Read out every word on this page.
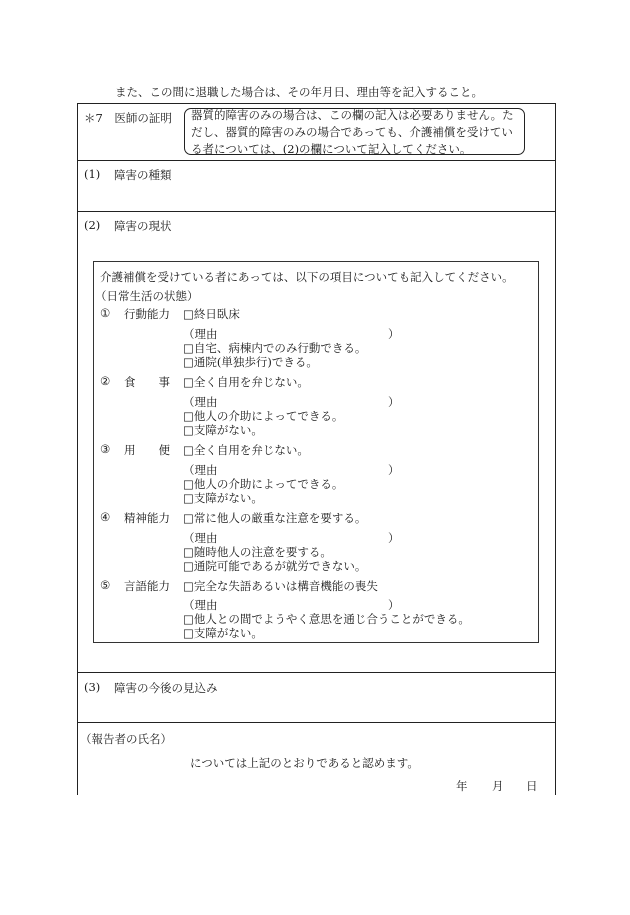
また、この間に退職した場合は、その年月日、理由等を記入すること。
＊7　医師の証明 器質的障害のみの場合は、この欄の記入は必要ありません。た
だし、器質的障害のみの場合であっても、介護補償を受けてい
る者については、(2)の欄について記入してください。
(1) 障害の種類
(2) 障害の現状
介護補償を受けている者にあっては、以下の項目についても記入してください。
（日常生活の状態）
① 行動能力 □終日臥床
（理由	）
□自宅、病棟内でのみ行動できる。
□通院(単独歩行)できる。
② 食　　事 □全く自用を弁じない。
（理由	）
□他人の介助によってできる。
□支障がない。
③ 用　　便 □全く自用を弁じない。
（理由	）
□他人の介助によってできる。
□支障がない。
④ 精神能力 □常に他人の厳重な注意を要する。
（理由	）
□随時他人の注意を要する。
□通院可能であるが就労できない。
⑤ 言語能力 □完全な失語あるいは構音機能の喪失
（理由	）
□他人との間でようやく意思を通じ合うことができる。
□支障がない。
(3) 障害の今後の見込み
（報告者の氏名）
については上記のとおりであると認めます。
年 月 日
